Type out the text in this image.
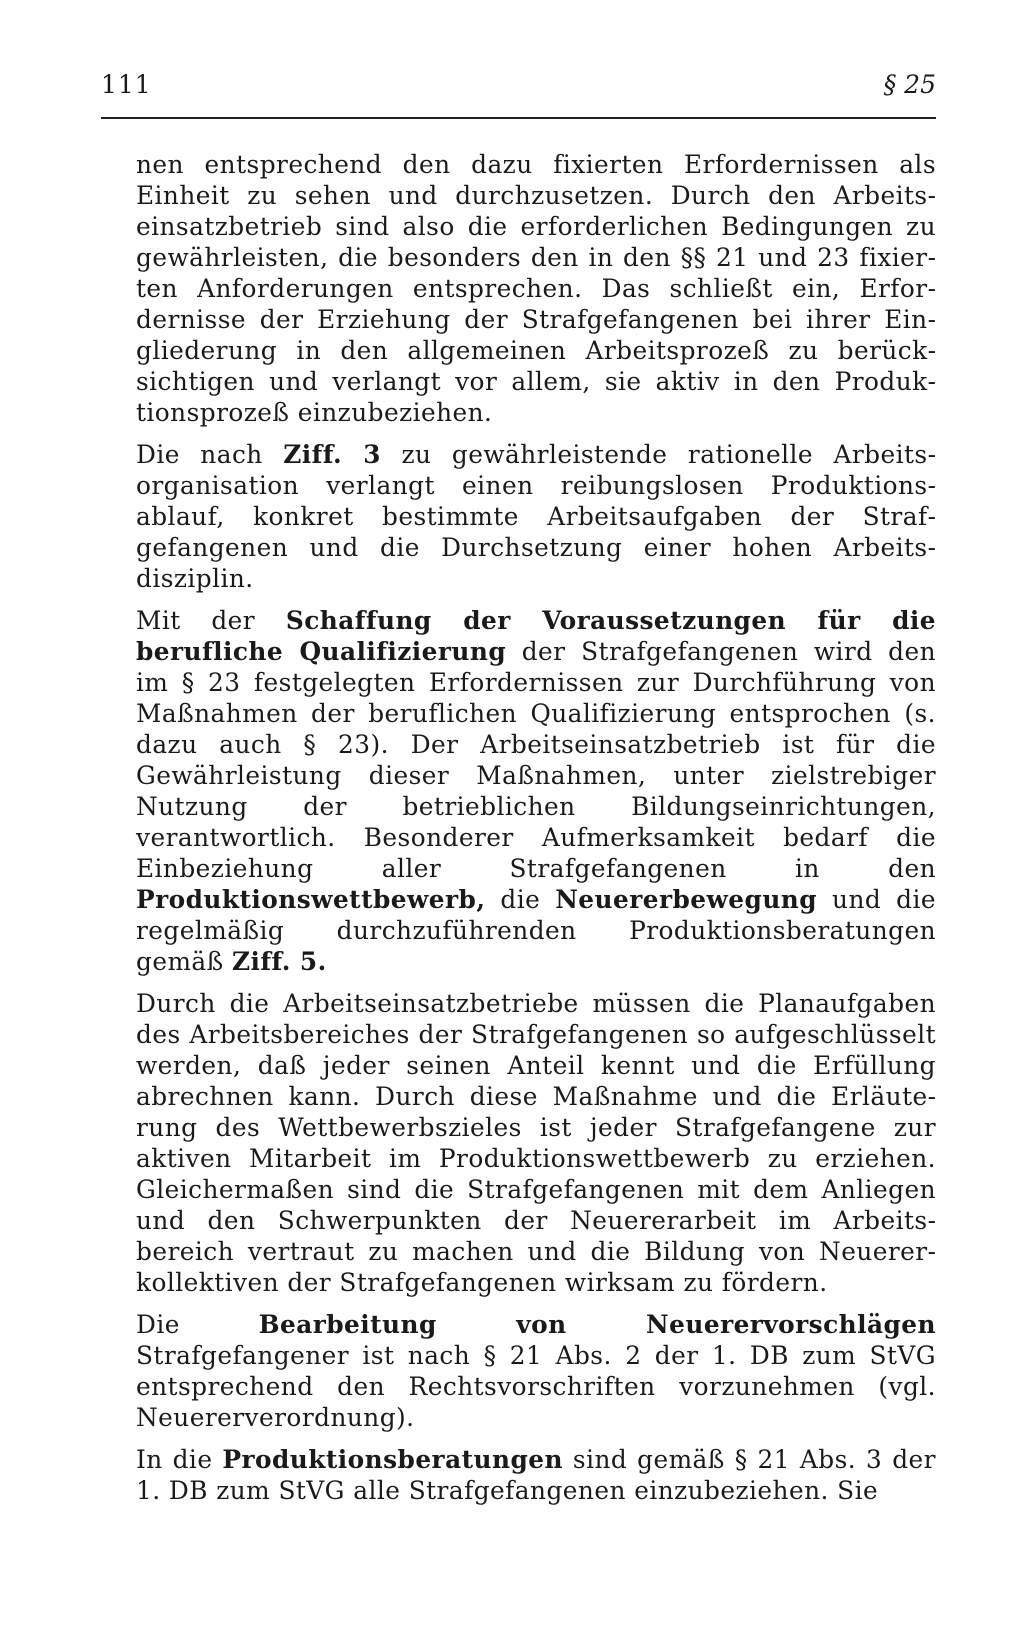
111	§ 25

nen entsprechend den dazu fixierten Erfordernissen als Einheit zu sehen und durchzusetzen. Durch den Arbeitseinsatzbetrieb sind also die erforderlichen Bedingungen zu gewährleisten, die besonders den in den §§ 21 und 23 fixierten Anforderungen entsprechen. Das schließt ein, Erfordernisse der Erziehung der Strafgefangenen bei ihrer Eingliederung in den allgemeinen Arbeitsprozeß zu berücksichtigen und verlangt vor allem, sie aktiv in den Produktionsprozeß einzubeziehen.

Die nach Ziff. 3 zu gewährleistende rationelle Arbeitsorganisation verlangt einen reibungslosen Produktionsablauf, konkret bestimmte Arbeitsaufgaben der Strafgefangenen und die Durchsetzung einer hohen Arbeitsdisziplin.

Mit der Schaffung der Voraussetzungen für die berufliche Qualifizierung der Strafgefangenen wird den im § 23 festgelegten Erfordernissen zur Durchführung von Maßnahmen der beruflichen Qualifizierung entsprochen (s. dazu auch § 23). Der Arbeitseinsatzbetrieb ist für die Gewährleistung dieser Maßnahmen, unter zielstrebiger Nutzung der betrieblichen Bildungseinrichtungen, verantwortlich. Besonderer Aufmerksamkeit bedarf die Einbeziehung aller Strafgefangenen in den Produktionswettbewerb, die Neuererbewegung und die regelmäßig durchzuführenden Produktionsberatungen gemäß Ziff. 5.

Durch die Arbeitseinsatzbetriebe müssen die Planaufgaben des Arbeitsbereiches der Strafgefangenen so aufgeschlüsselt werden, daß jeder seinen Anteil kennt und die Erfüllung abrechnen kann. Durch diese Maßnahme und die Erläuterung des Wettbewerbszieles ist jeder Strafgefangene zur aktiven Mitarbeit im Produktionswettbewerb zu erziehen. Gleichermaßen sind die Strafgefangenen mit dem Anliegen und den Schwerpunkten der Neuererarbeit im Arbeitsbereich vertraut zu machen und die Bildung von Neuererkollektiven der Strafgefangenen wirksam zu fördern.

Die Bearbeitung von Neuerervorschlägen Strafgefangener ist nach § 21 Abs. 2 der 1. DB zum StVG entsprechend den Rechtsvorschriften vorzunehmen (vgl. Neuererverordnung).

In die Produktionsberatungen sind gemäß § 21 Abs. 3 der 1. DB zum StVG alle Strafgefangenen einzubeziehen. Sie
